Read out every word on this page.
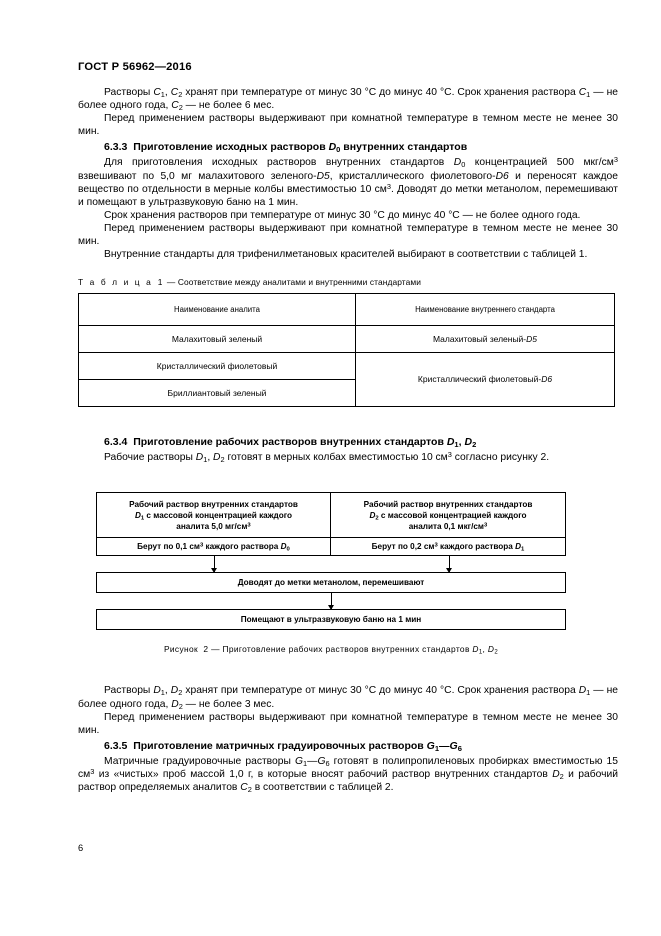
ГОСТ Р 56962—2016

Растворы $C_1$, $C_2$ хранят при температуре от минус 30 °C до минус 40 °C. Срок хранения раствора $C_1$ — не более одного года, $C_2$ — не более 6 мес.

Перед применением растворы выдерживают при комнатной температуре в темном месте не менее 30 мин.

6.3.3 Приготовление исходных растворов $D_0$ внутренних стандартов

Для приготовления исходных растворов внутренних стандартов $D_0$ концентрацией 500 мкг/$см^3$ взвешивают по 5,0 мг малахитового зеленого-D5, кристаллического фиолетового-D6 и переносят каждое вещество по отдельности в мерные колбы вместимостью 10 $см^3$. Доводят до метки метанолом, перемешивают и помещают в ультразвуковую баню на 1 мин.

Срок хранения растворов при температуре от минус 30 °C до минус 40 °C — не более одного года.

Перед применением растворы выдерживают при комнатной температуре в темном месте не менее 30 мин.

Внутренние стандарты для трифенилметановых красителей выбирают в соответствии с таблицей 1.

Т а б л и ц а 1 — Соответствие между аналитами и внутренними стандартами
Наименование аналита	Наименование внутреннего стандарта
Малахитовый зеленый	Малахитовый зеленый-D5
Кристаллический фиолетовый	Кристаллический фиолетовый-D6
Бриллиантовый зеленый	

6.3.4 Приготовление рабочих растворов внутренних стандартов $D_1$, $D_2$

Рабочие растворы $D_1$, $D_2$ готовят в мерных колбах вместимостью 10 $см^3$ согласно рисунку 2.

Рабочий раствор внутренних стандартов
$D_1$ с массовой концентрацией каждого
аналита 5,0 $мг/см^3$
Рабочий раствор внутренних стандартов
$D_2$ с массовой концентрацией каждого
аналита 0,1 мкг/$см^3$
Берут по 0,1 $см^3$ каждого раствора $D_0$	Берут по 0,2 $см^3$ каждого раствора $D_1$
Доводят до метки метанолом, перемешивают
Помещают в ультразвуковую баню на 1 мин
Рисунок 2 — Приготовление рабочих растворов внутренних стандартов $D_1$, $D_2$

Растворы $D_1$, $D_2$ хранят при температуре от минус 30 °C до минус 40 °C. Срок хранения раствора $D_1$ — не более одного года, $D_2$ — не более 3 мес.

Перед применением растворы выдерживают при комнатной температуре в темном месте не менее 30 мин.

6.3.5 Приготовление матричных градуировочных растворов $G_1—G_6$

Матричные градуировочные растворы $G_1—G_6$ готовят в полипропиленовых пробирках вместимостью 15 $см^3$ из «чистых» проб массой 1,0 г, в которые вносят рабочий раствор внутренних стандартов $D_2$ и рабочий раствор определяемых аналитов $C_2$ в соответствии с таблицей 2.

6
